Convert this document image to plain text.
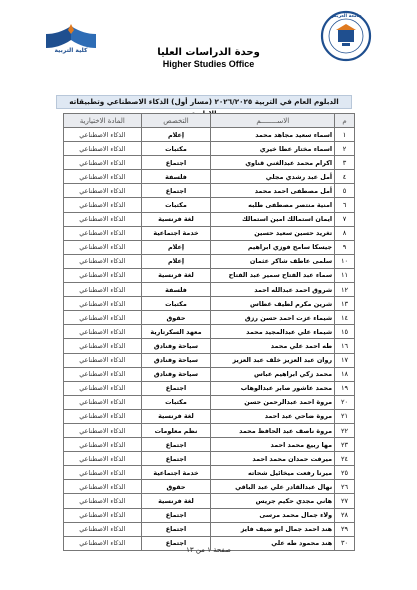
كلية التربية
جامعة العريش
وحدة الدراسات العليا
Higher Studies Office
الدبلوم العام في التربية ٢٠٢٦/٢٠٢٥ (مسار أول) الذكاء الاصطناعي وتطبيقاته
م	الاســــــــم	التخصص	المادة الاختيارية
١	اسماء سعيد مجاهد محمد	إعلام	الذكاء الاصطناعي
٢	اسماء مختار عطا خيري	مكتبات	الذكاء الاصطناعي
٣	اكرام محمد عبدالغني قناوي	اجتماع	الذكاء الاصطناعي
٤	أمل عبد رشدي مجلي	فلسفة	الذكاء الاصطناعي
٥	أمل مصطفى احمد محمد	اجتماع	الذكاء الاصطناعي
٦	امنية منتصر مصطفى طلبه	مكتبات	الذكاء الاصطناعي
٧	ايمان استمالك امين استمالك	لغة فرنسية	الذكاء الاصطناعي
٨	تغريد حسين سعيد حسين	خدمة اجتماعية	الذكاء الاصطناعي
٩	جيسكا سامح فوزي ابراهيم	إعلام	الذكاء الاصطناعي
١٠	سلمى عاطف شاكر عثمان	إعلام	الذكاء الاصطناعي
١١	سماء عبد الفتاح سمير عبد الفتاح	لغة فرنسية	الذكاء الاصطناعي
١٢	شروق احمد عبدالله احمد	فلسفة	الذكاء الاصطناعي
١٣	شرين مكرم لطيف غطاس	مكتبات	الذكاء الاصطناعي
١٤	شيماء عزت احمد حسن رزق	حقوق	الذكاء الاصطناعي
١٥	شيماء علي عبدالمجيد محمد	معهد السكرتارية	الذكاء الاصطناعي
١٦	طه احمد علي محمد	سياحة وفنادق	الذكاء الاصطناعي
١٧	روان عبد العزيز خلف عبد العزيز	سياحة وفنادق	الذكاء الاصطناعي
١٨	محمد زكي ابراهيم عباس	سياحة وفنادق	الذكاء الاصطناعي
١٩	محمد عاشور صابر عبدالوهاب	اجتماع	الذكاء الاصطناعي
٢٠	مروة احمد عبدالرحمن حسن	مكتبات	الذكاء الاصطناعي
٢١	مروة ضاحي عبد احمد	لغة فرنسية	الذكاء الاصطناعي
٢٢	مروة ناصف عبد الحافظ محمد	نظم معلومات	الذكاء الاصطناعي
٢٣	مها ربيع محمد احمد	اجتماع	الذكاء الاصطناعي
٢٤	ميرفت حمدان محمد احمد	اجتماع	الذكاء الاصطناعي
٢٥	ميرنا رفعت ميخائيل شحاته	خدمة اجتماعية	الذكاء الاصطناعي
٢٦	نهال عبدالقادر علي عبد الباقي	حقوق	الذكاء الاصطناعي
٢٧	هاني مجدي حكيم جريس	لغة فرنسية	الذكاء الاصطناعي
٢٨	ولاء جمال محمد مرسى	اجتماع	الذكاء الاصطناعي
٢٩	هند احمد جمال ابو ضيف فايز	اجتماع	الذكاء الاصطناعي
٣٠	هند محمود طه علي	اجتماع	الذكاء الاصطناعي
صفحة ١ من ١٣
